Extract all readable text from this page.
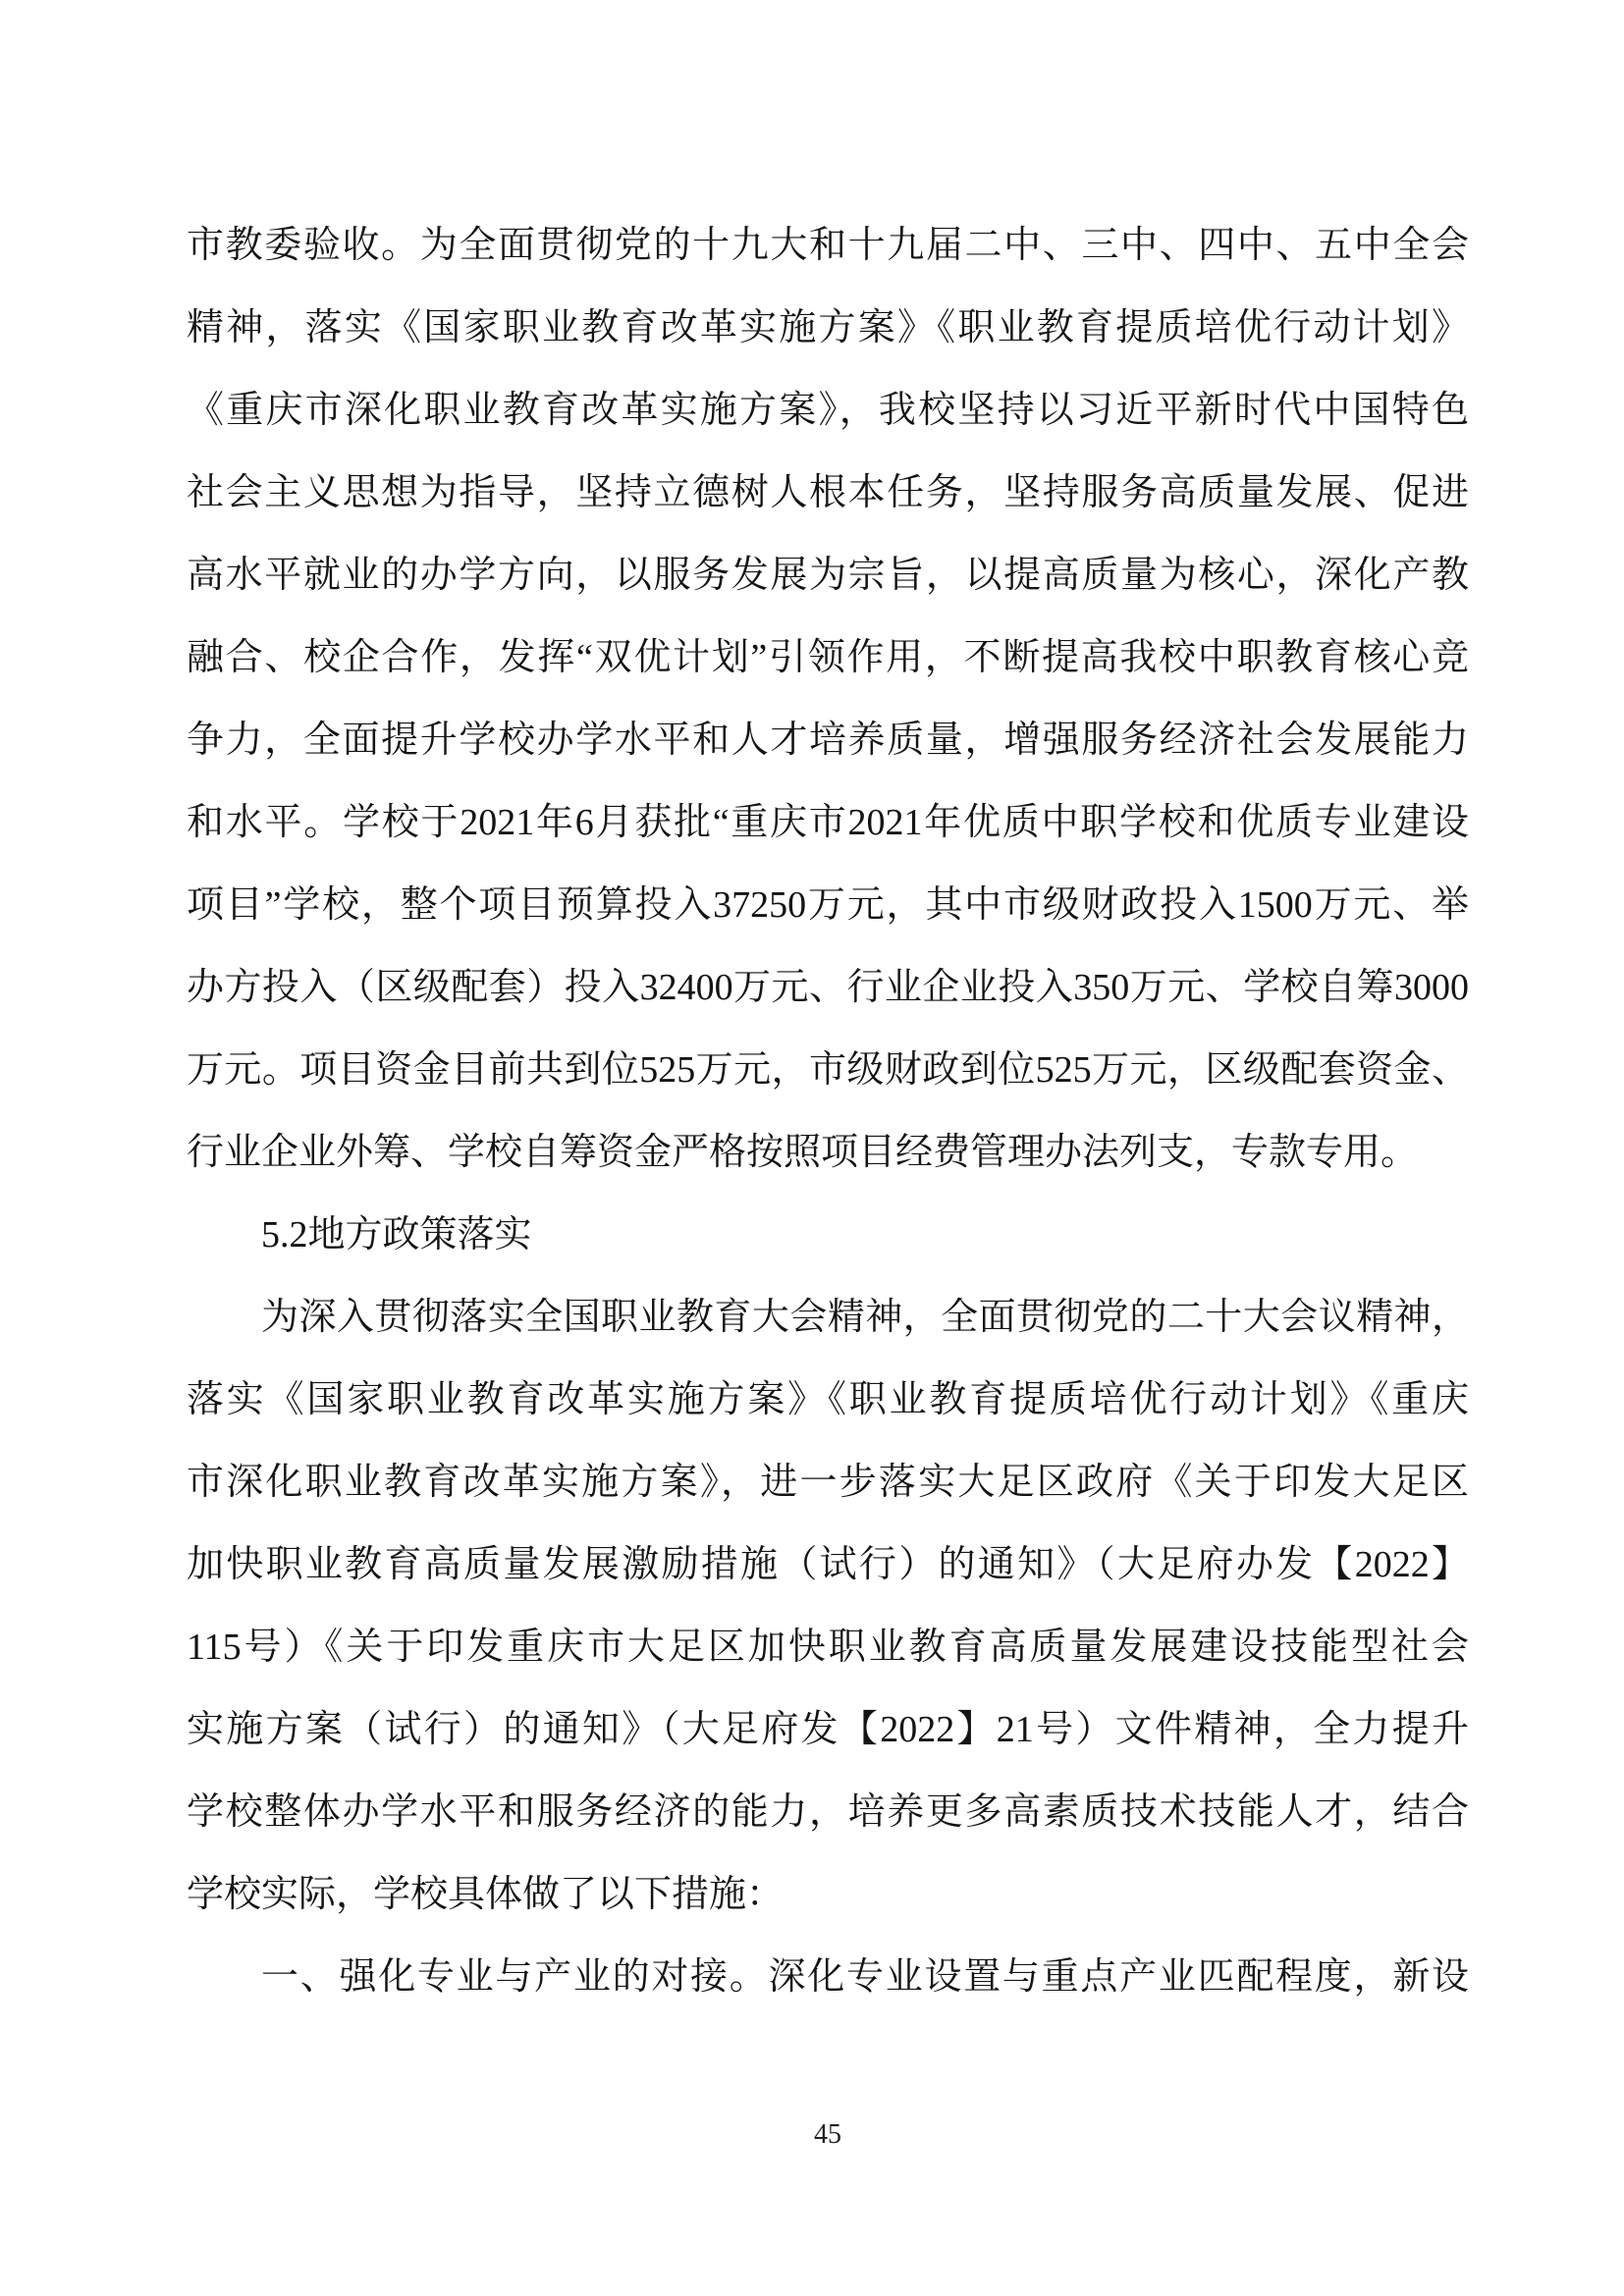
市教委验收。为全面贯彻党的十九大和十九届二中、三中、四中、五中全会
精神，落实《国家职业教育改革实施方案》《职业教育提质培优行动计划》
《重庆市深化职业教育改革实施方案》，我校坚持以习近平新时代中国特色
社会主义思想为指导，坚持立德树人根本任务，坚持服务高质量发展、促进
高水平就业的办学方向，以服务发展为宗旨，以提高质量为核心，深化产教
融合、校企合作，发挥“双优计划”引领作用，不断提高我校中职教育核心竞
争力，全面提升学校办学水平和人才培养质量，增强服务经济社会发展能力
和水平。学校于2021年6月获批“重庆市2021年优质中职学校和优质专业建设
项目”学校，整个项目预算投入37250万元，其中市级财政投入1500万元、举
办方投入（区级配套）投入32400万元、行业企业投入350万元、学校自筹3000
万元。项目资金目前共到位525万元，市级财政到位525万元，区级配套资金、
行业企业外筹、学校自筹资金严格按照项目经费管理办法列支，专款专用。
5.2地方政策落实
为深入贯彻落实全国职业教育大会精神，全面贯彻党的二十大会议精神，
落实《国家职业教育改革实施方案》《职业教育提质培优行动计划》《重庆
市深化职业教育改革实施方案》，进一步落实大足区政府《关于印发大足区
加快职业教育高质量发展激励措施（试行）的通知》（大足府办发【2022】
115号）《关于印发重庆市大足区加快职业教育高质量发展建设技能型社会
实施方案（试行）的通知》（大足府发【2022】21号）文件精神，全力提升
学校整体办学水平和服务经济的能力，培养更多高素质技术技能人才，结合
学校实际，学校具体做了以下措施：
一、强化专业与产业的对接。深化专业设置与重点产业匹配程度，新设
45
